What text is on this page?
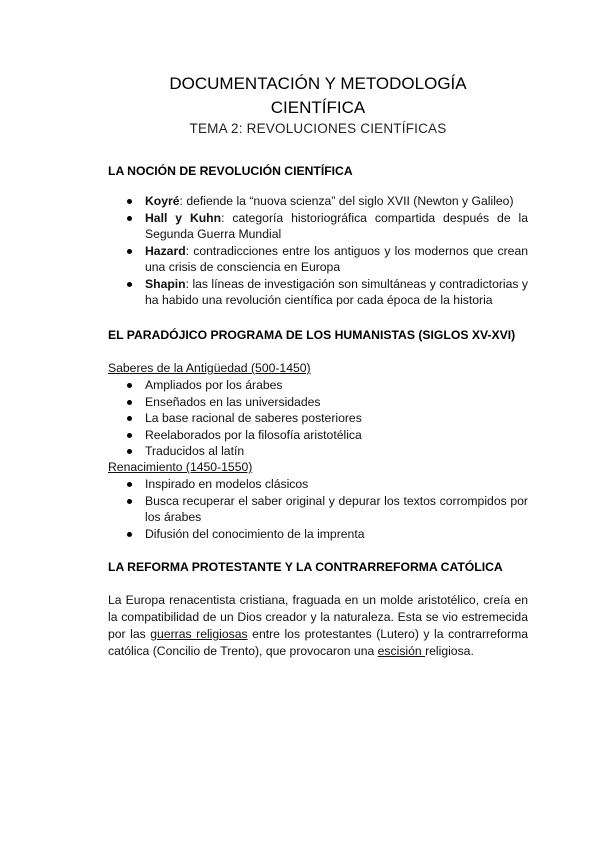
DOCUMENTACIÓN Y METODOLOGÍA
CIENTÍFICA
TEMA 2: REVOLUCIONES CIENTÍFICAS
LA NOCIÓN DE REVOLUCIÓN CIENTÍFICA
Koyré: defiende la “nuova scienza” del siglo XVII (Newton y Galileo)
Hall y Kuhn: categoría historiográfica compartida después de la Segunda Guerra Mundial
Hazard: contradicciones entre los antiguos y los modernos que crean una crisis de consciencia en Europa
Shapin: las líneas de investigación son simultáneas y contradictorias y ha habido una revolución científica por cada época de la historia
EL PARADÓJICO PROGRAMA DE LOS HUMANISTAS (SIGLOS XV-XVI)
Saberes de la Antigüedad (500-1450)
Ampliados por los árabes
Enseñados en las universidades
La base racional de saberes posteriores
Reelaborados por la filosofía aristotélica
Traducidos al latín
Renacimiento (1450-1550)
Inspirado en modelos clásicos
Busca recuperar el saber original y depurar los textos corrompidos por los árabes
Difusión del conocimiento de la imprenta
LA REFORMA PROTESTANTE Y LA CONTRARREFORMA CATÓLICA
La Europa renacentista cristiana, fraguada en un molde aristotélico, creía en la compatibilidad de un Dios creador y la naturaleza. Esta se vio estremecida por las guerras religiosas entre los protestantes (Lutero) y la contrarreforma católica (Concilio de Trento), que provocaron una escisión religiosa.
